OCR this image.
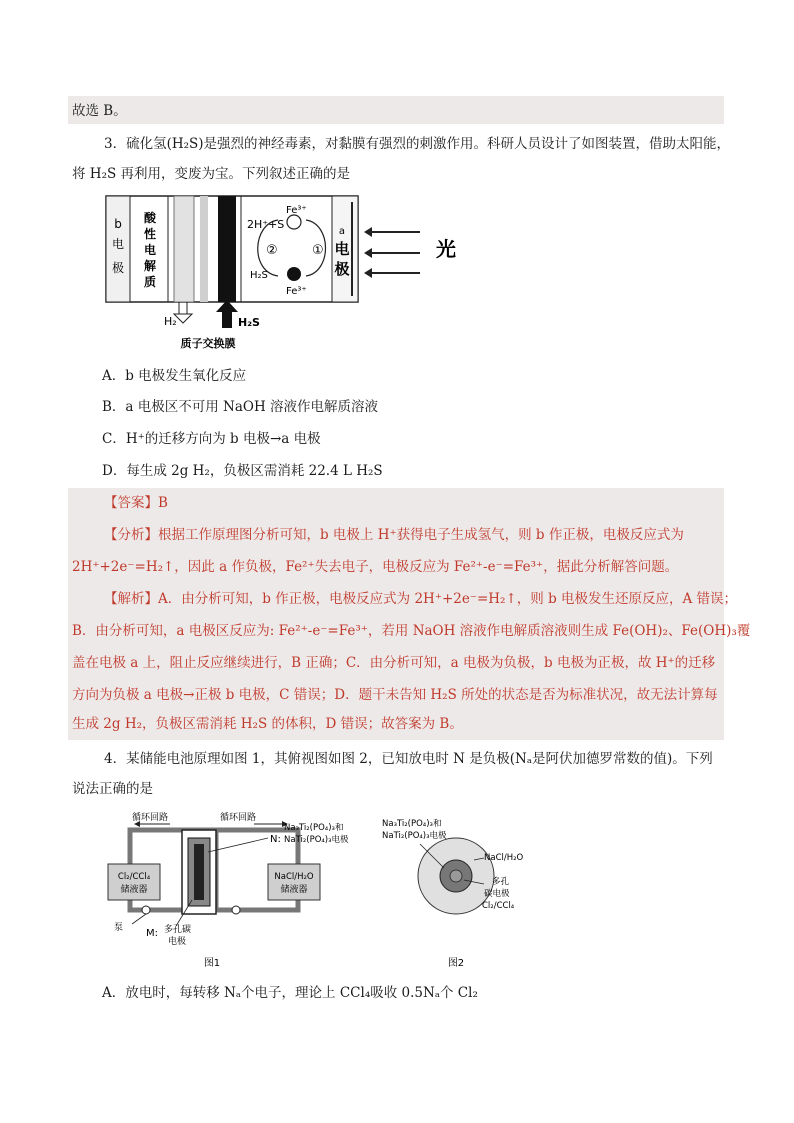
故选 B。
3．硫化氢(H₂S)是强烈的神经毒素，对黏膜有强烈的刺激作用。科研人员设计了如图装置，借助太阳能，
将 H₂S 再利用，变废为宝。下列叙述正确的是
b
电
极
酸
性
电
解
质
2H⁺+S
Fe³⁺
②	①
H₂S
Fe³⁺
a
电
极
光
H₂	H₂S
质子交换膜
A．b 电极发生氧化反应
B．a 电极区不可用 NaOH 溶液作电解质溶液
C．H⁺的迁移方向为 b 电极→a 电极
D．每生成 2g H₂，负极区需消耗 22.4 L H₂S
【答案】B
【分析】根据工作原理图分析可知，b 电极上 H⁺获得电子生成氢气，则 b 作正极，电极反应式为
2H⁺+2e⁻=H₂↑，因此 a 作负极，Fe²⁺失去电子，电极反应为 Fe²⁺-e⁻=Fe³⁺，据此分析解答问题。
【解析】A．由分析可知，b 作正极，电极反应式为 2H⁺+2e⁻=H₂↑，则 b 电极发生还原反应，A 错误；
B．由分析可知，a 电极区反应为: Fe²⁺-e⁻=Fe³⁺，若用 NaOH 溶液作电解质溶液则生成 Fe(OH)₂、Fe(OH)₃覆
盖在电极 a 上，阻止反应继续进行，B 正确；C．由分析可知，a 电极为负极，b 电极为正极，故 H⁺的迁移
方向为负极 a 电极→正极 b 电极，C 错误；D．题干未告知 H₂S 所处的状态是否为标准状况，故无法计算每
生成 2g H₂，负极区需消耗 H₂S 的体积，D 错误；故答案为 B。
4．某储能电池原理如图 1，其俯视图如图 2，已知放电时 N 是负极(Nₐ是阿伏加德罗常数的值)。下列
说法正确的是
循环回路	循环回路
N:
Na₃Ti₂(PO₄)₃和
NaTi₂(PO₄)₃电极
Cl₂/CCl₄
储液器
NaCl/H₂O
储液器
泵 M: 多孔碳
电极
图1
Na₃Ti₂(PO₄)₃和
NaTi₂(PO₄)₃电极
NaCl/H₂O
多孔
碳电极
Cl₂/CCl₄
图2
A．放电时，每转移 Nₐ个电子，理论上 CCl₄吸收 0.5Nₐ个 Cl₂
